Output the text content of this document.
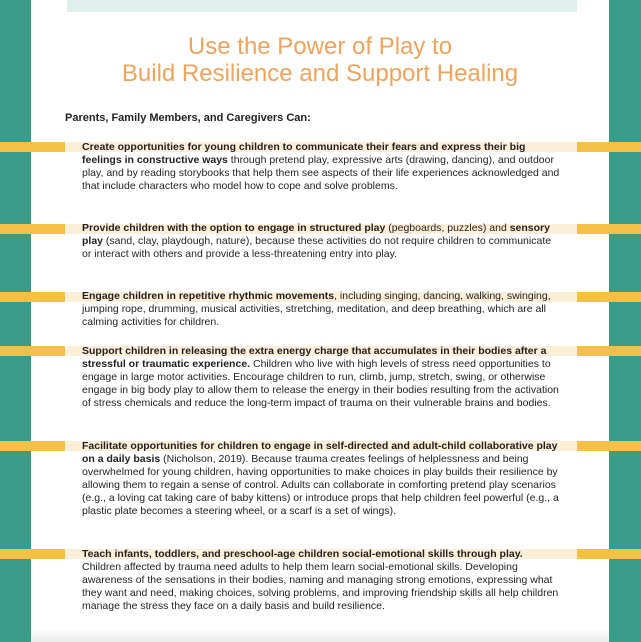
Use the Power of Play to
Build Resilience and Support Healing

Parents, Family Members, and Caregivers Can:

Create opportunities for young children to communicate their fears and express their big feelings in constructive ways through pretend play, expressive arts (drawing, dancing), and outdoor play, and by reading storybooks that help them see aspects of their life experiences acknowledged and that include characters who model how to cope and solve problems.

Provide children with the option to engage in structured play (pegboards, puzzles) and sensory play (sand, clay, playdough, nature), because these activities do not require children to communicate or interact with others and provide a less-threatening entry into play.

Engage children in repetitive rhythmic movements, including singing, dancing, walking, swinging, jumping rope, drumming, musical activities, stretching, meditation, and deep breathing, which are all calming activities for children.

Support children in releasing the extra energy charge that accumulates in their bodies after a stressful or traumatic experience. Children who live with high levels of stress need opportunities to engage in large motor activities. Encourage children to run, climb, jump, stretch, swing, or otherwise engage in big body play to allow them to release the energy in their bodies resulting from the activation of stress chemicals and reduce the long-term impact of trauma on their vulnerable brains and bodies.

Facilitate opportunities for children to engage in self-directed and adult-child collaborative play on a daily basis (Nicholson, 2019). Because trauma creates feelings of helplessness and being overwhelmed for young children, having opportunities to make choices in play builds their resilience by allowing them to regain a sense of control. Adults can collaborate in comforting pretend play scenarios (e.g., a loving cat taking care of baby kittens) or introduce props that help children feel powerful (e.g., a plastic plate becomes a steering wheel, or a scarf is a set of wings).

Teach infants, toddlers, and preschool-age children social-emotional skills through play. Children affected by trauma need adults to help them learn social-emotional skills. Developing awareness of the sensations in their bodies, naming and managing strong emotions, expressing what they want and need, making choices, solving problems, and improving friendship skills all help children manage the stress they face on a daily basis and build resilience.
